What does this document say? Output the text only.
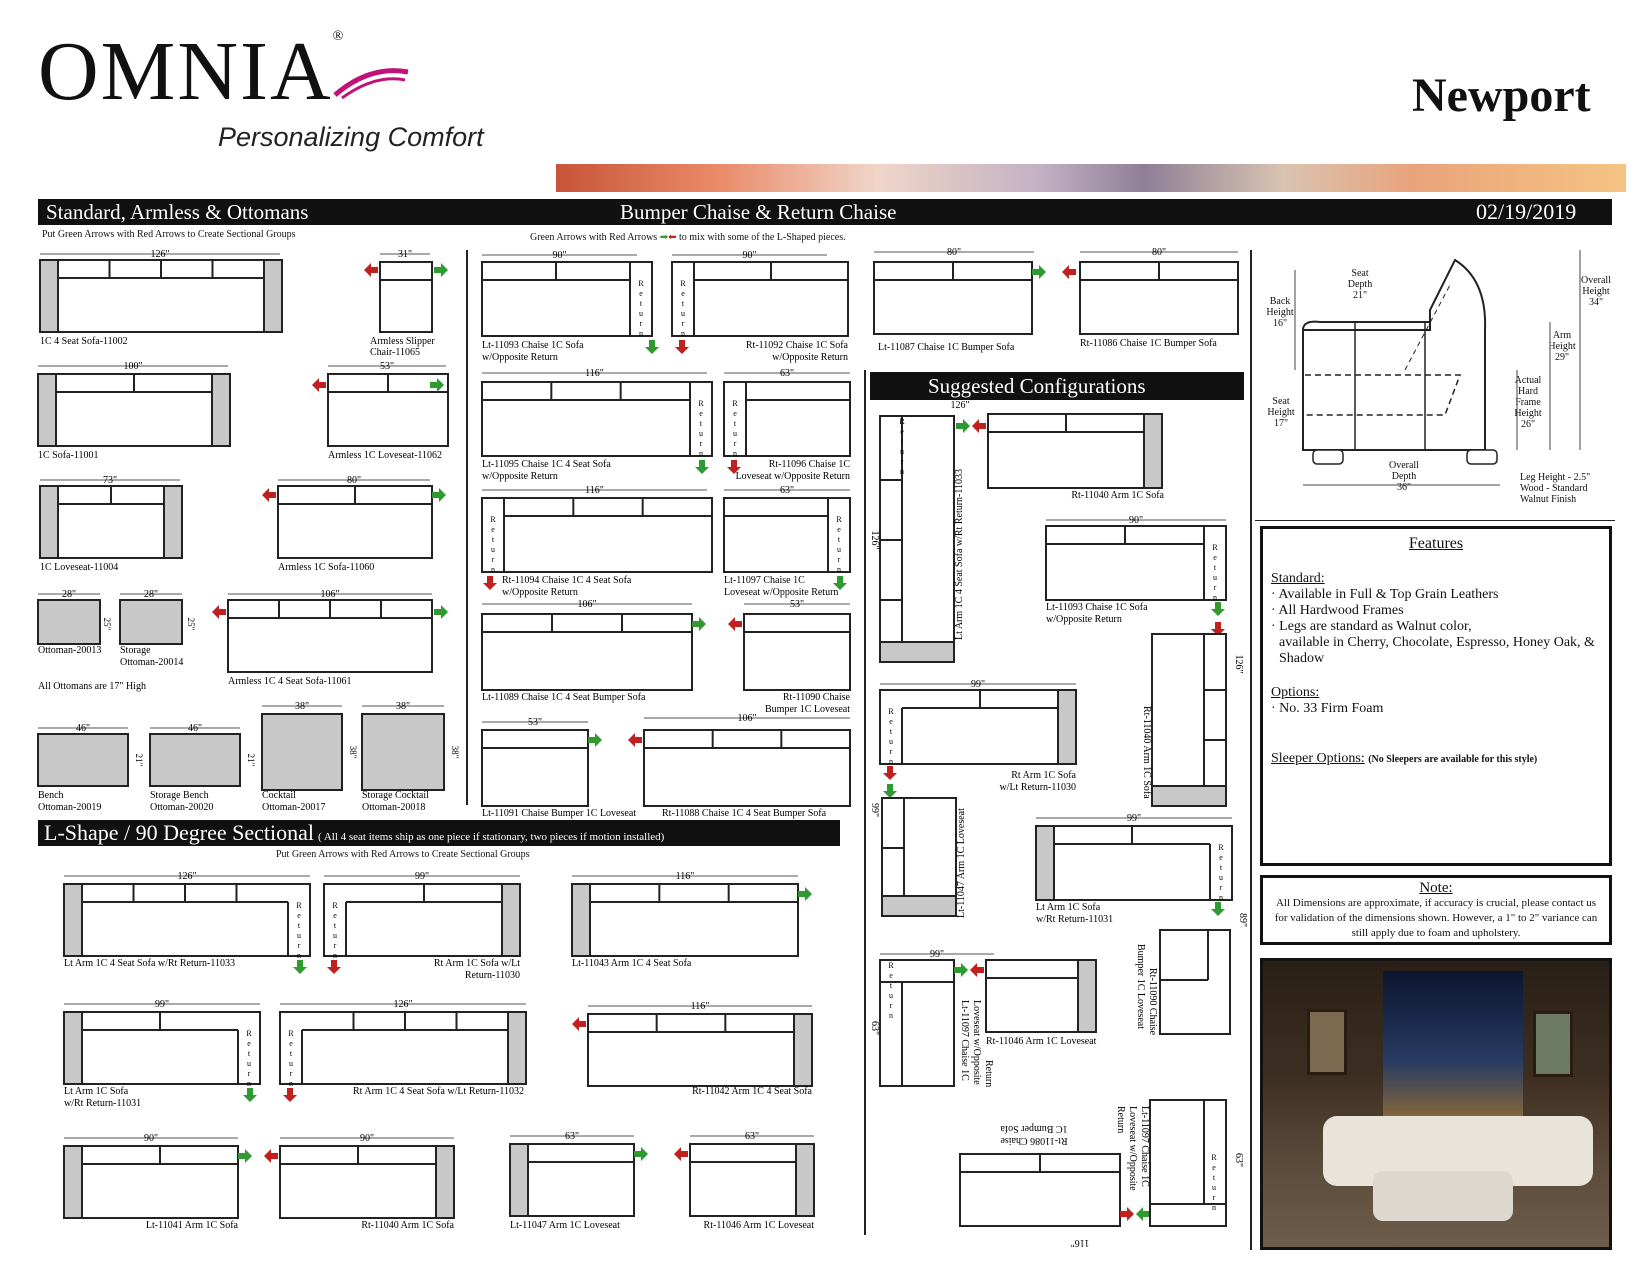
OMNIA®
Personalizing Comfort
Newport
Standard, Armless & Ottomans	Bumper Chaise & Return Chaise	02/19/2019
Put Green Arrows with Red Arrows to Create Sectional Groups	Green Arrows with Red Arrows ➡⬅ to mix with some of the L-Shaped pieces.
126"
1C 4 Seat Sofa-11002
31"
Armless Slipper
Chair-11065
100"
1C Sofa-11001
53"
Armless 1C Loveseat-11062
73"
1C Loveseat-11004
80"
Armless 1C Sofa-11060
28"
25"
Ottoman-20013
28"
25"
Storage
Ottoman-20014
All Ottomans are 17" High
106"
Armless 1C 4 Seat Sofa-11061
46"
21"
Bench
Ottoman-20019
46"
21"
Storage Bench
Ottoman-20020
38"
38"
Cocktail
Ottoman-20017
38"
38"
Storage Cocktail
Ottoman-20018
90"
R
e
t
u
r
n
Lt-11093 Chaise 1C Sofa
w/Opposite Return
90"
R
e
t
u
r
n
Rt-11092 Chaise 1C Sofa
w/Opposite Return
80"
Lt-11087 Chaise 1C Bumper Sofa
80"
Rt-11086 Chaise 1C Bumper Sofa
116"
R
e
t
u
r
n
Lt-11095 Chaise 1C 4 Seat Sofa
w/Opposite Return
63"
R
e
t
u
r
n
Rt-11096 Chaise 1C
Loveseat w/Opposite Return
116"
R
e
t
u
r
n
Rt-11094 Chaise 1C 4 Seat Sofa
w/Opposite Return
63"
R
e
t
u
r
n
Lt-11097 Chaise 1C
Loveseat w/Opposite Return
106"
Lt-11089 Chaise 1C 4 Seat Bumper Sofa
53"
Rt-11090 Chaise
Bumper 1C Loveseat
53"
Lt-11091 Chaise Bumper 1C Loveseat
106"
Rt-11088 Chaise 1C 4 Seat Bumper Sofa
126"
R
e
t
u
r
n
Lt Arm 1C 4 Seat Sofa w/Rt Return-11033
99"
R
e
t
u
r
n
Rt Arm 1C Sofa w/Lt
Return-11030
116"
Lt-11043 Arm 1C 4 Seat Sofa
99"
R
e
t
u
r
n
Lt Arm 1C Sofa
w/Rt Return-11031
126"
R
e
t
u
r
n
Rt Arm 1C 4 Seat Sofa w/Lt Return-11032
116"
Rt-11042 Arm 1C 4 Seat Sofa
90"
Lt-11041 Arm 1C Sofa
90"
Rt-11040 Arm 1C Sofa
63"
Lt-11047 Arm 1C Loveseat
63"
Rt-11046 Arm 1C Loveseat
R
e
t
u
r
n
126"
Rt-11040 Arm 1C Sofa
126"	Lt Arm 1C 4 Seat Sofa w/Rt Return-11033	90"
R
e
t
u
r
n
Lt-11093 Chaise 1C Sofa
w/Opposite Return
126"
Rt-11040 Arm 1C Sofa
99"
R
e
t
u
r
n
Rt Arm 1C Sofa
w/Lt Return-11030
99"	Lt-11047 Arm 1C Loveseat	99"
R
e
t
u
r
n
Lt Arm 1C Sofa
w/Rt Return-11031	89"
Rt-11090 Chaise
Bumper 1C Loveseat
99"
R
e
t
u
r
n
Rt-11046 Arm 1C Loveseat
63"	Lt-11097 Chaise 1C Loveseat w/Opposite Return
116"
Rt-11086 Chaise
1C Bumper Sofa
R
e
t
u
r
n
63"
Lt-11097 Chaise 1C
Loveseat w/Opposite
Return
L-Shape / 90 Degree Sectional ( All 4 seat items ship as one piece if stationary, two pieces if motion installed)
Put Green Arrows with Red Arrows to Create Sectional Groups
Suggested Configurations
Seat Depth
21"
Back Height
16"
Overall Height
34"
Arm Height
29"
Actual Hard Frame Height
26"
Seat Height
17"
Overall Depth
36"
Leg Height - 2.5"
Wood - Standard Walnut Finish
Features
Standard:
· Available in Full & Top Grain Leathers
· All Hardwood Frames
· Legs are standard as Walnut color,
available in Cherry, Chocolate, Espresso, Honey Oak, & Shadow
Options:
· No. 33 Firm Foam
Sleeper Options: (No Sleepers are available for this style)
Note:
All Dimensions are approximate, if accuracy is crucial, please contact us for validation of the dimensions shown. However, a 1" to 2" variance can still apply due to foam and upholstery.
